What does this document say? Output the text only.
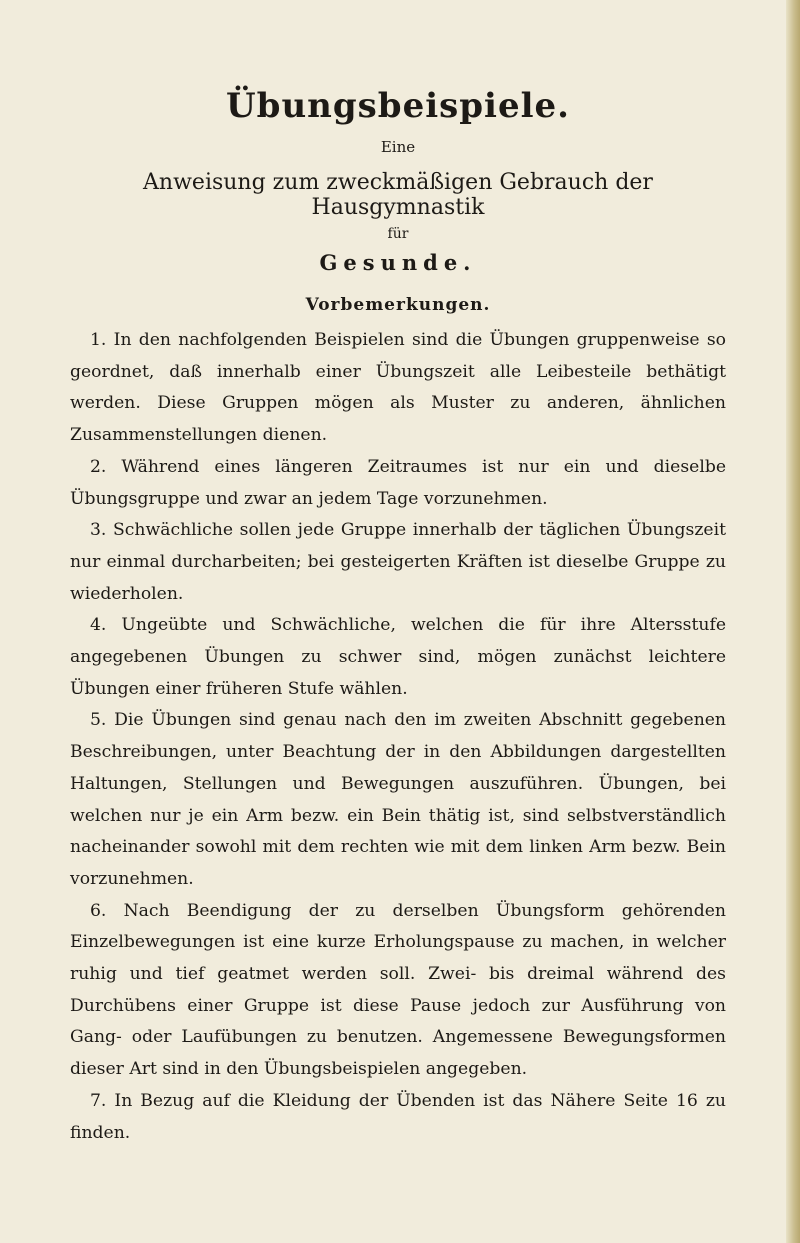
Übungsbeispiele.
Eine
Anweisung zum zweckmäßigen Gebrauch der Hausgymnastik
für
Gesunde.
Vorbemerkungen.

1. In den nachfolgenden Beispielen sind die Übungen gruppenweise so geordnet, daß innerhalb einer Übungszeit alle Leibesteile bethätigt werden. Diese Gruppen mögen als Muster zu anderen, ähnlichen Zusammenstellungen dienen.

2. Während eines längeren Zeitraumes ist nur ein und dieselbe Übungsgruppe und zwar an jedem Tage vorzunehmen.

3. Schwächliche sollen jede Gruppe innerhalb der täglichen Übungszeit nur einmal durcharbeiten; bei gesteigerten Kräften ist dieselbe Gruppe zu wiederholen.

4. Ungeübte und Schwächliche, welchen die für ihre Altersstufe angegebenen Übungen zu schwer sind, mögen zunächst leichtere Übungen einer früheren Stufe wählen.

5. Die Übungen sind genau nach den im zweiten Abschnitt gegebenen Beschreibungen, unter Beachtung der in den Abbildungen dargestellten Haltungen, Stellungen und Bewegungen auszuführen. Übungen, bei welchen nur je ein Arm bezw. ein Bein thätig ist, sind selbstverständlich nacheinander sowohl mit dem rechten wie mit dem linken Arm bezw. Bein vorzunehmen.

6. Nach Beendigung der zu derselben Übungsform gehörenden Einzelbewegungen ist eine kurze Erholungspause zu machen, in welcher ruhig und tief geatmet werden soll. Zwei- bis dreimal während des Durchübens einer Gruppe ist diese Pause jedoch zur Ausführung von Gang- oder Laufübungen zu benutzen. Angemessene Bewegungsformen dieser Art sind in den Übungsbeispielen angegeben.

7. In Bezug auf die Kleidung der Übenden ist das Nähere Seite 16 zu finden.
